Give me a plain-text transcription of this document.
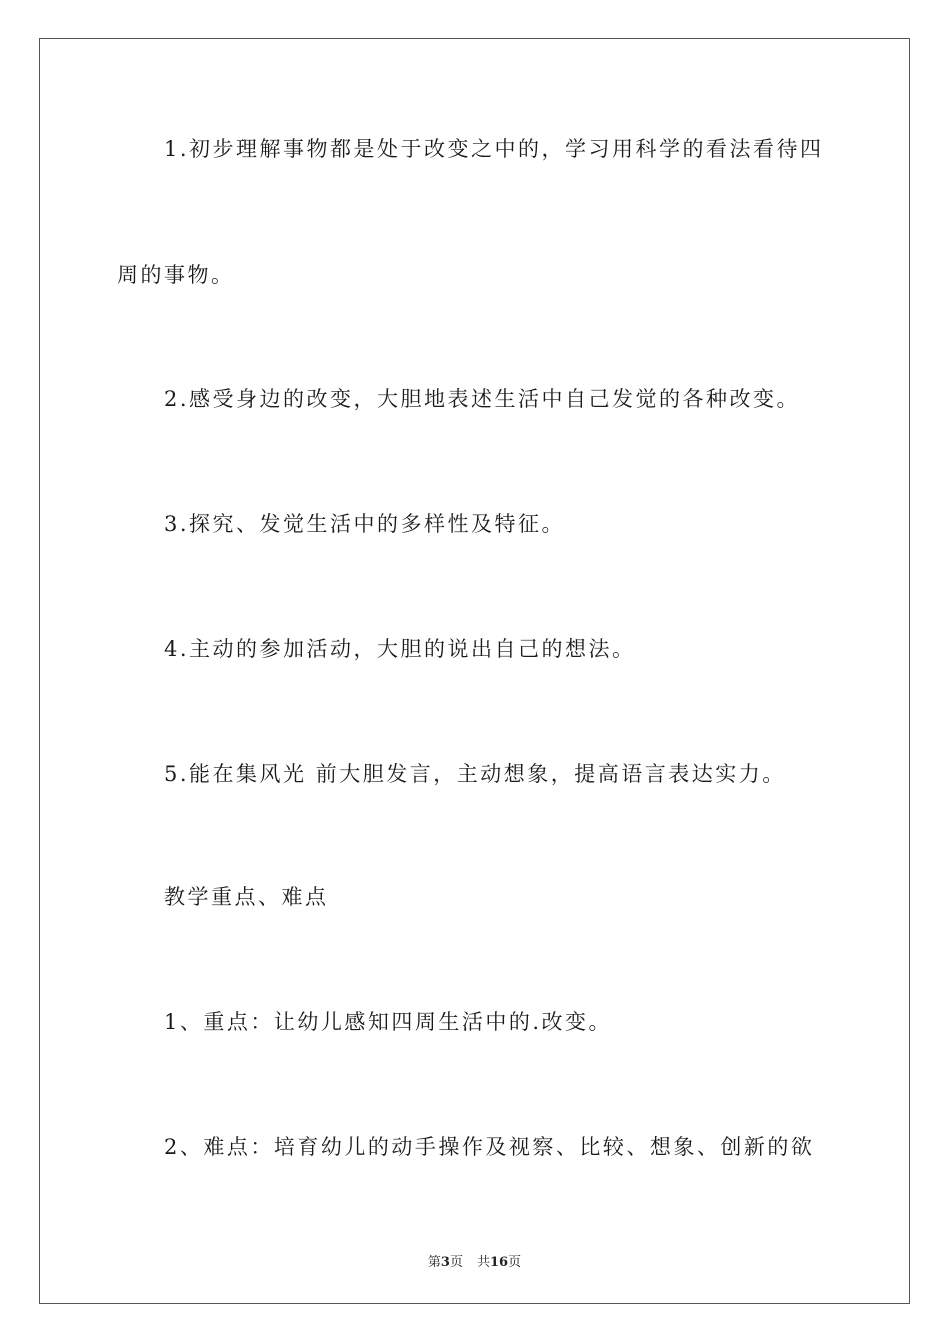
1.初步理解事物都是处于改变之中的，学习用科学的看法看待四
周的事物。
2.感受身边的改变，大胆地表述生活中自己发觉的各种改变。
3.探究、发觉生活中的多样性及特征。
4.主动的参加活动，大胆的说出自己的想法。
5.能在集风光 前大胆发言，主动想象，提高语言表达实力。
教学重点、难点
1、重点：让幼儿感知四周生活中的.改变。
2、难点：培育幼儿的动手操作及视察、比较、想象、创新的欲
第3页 共16页
